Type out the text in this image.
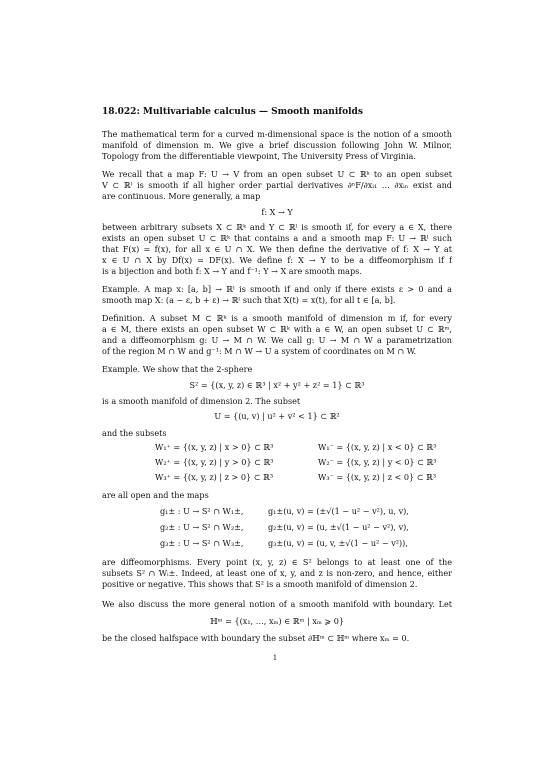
18.022: Multivariable calculus — Smooth manifolds
The mathematical term for a curved m-dimensional space is the notion of a smooth
manifold of dimension m. We give a brief discussion following John W. Milnor,
Topology from the differentiable viewpoint, The University Press of Virginia.
We recall that a map F: U → V from an open subset U ⊂ ℝᵏ to an open subset
V ⊂ ℝˡ is smooth if all higher order partial derivatives ∂ⁿF/∂xᵢ₁ … ∂xᵢₙ exist and
are continuous. More generally, a map
f: X → Y
between arbitrary subsets X ⊂ ℝᵏ and Y ⊂ ℝˡ is smooth if, for every a ∈ X, there
exists an open subset U ⊂ ℝᵏ that contains a and a smooth map F: U → ℝˡ such
that F(x) = f(x), for all x ∈ U ∩ X. We then define the derivative of f: X → Y at
x ∈ U ∩ X by Df(x) = DF(x). We define f: X → Y to be a diffeomorphism if f
is a bijection and both f: X → Y and f⁻¹: Y → X are smooth maps.
Example. A map x: [a, b] → ℝˡ is smooth if and only if there exists ε > 0 and a
smooth map X: (a − ε, b + ε) → ℝˡ such that X(t) = x(t), for all t ∈ [a, b].
Definition. A subset M ⊂ ℝᵏ is a smooth manifold of dimension m if, for every
a ∈ M, there exists an open subset W ⊂ ℝᵏ with a ∈ W, an open subset U ⊂ ℝᵐ,
and a diffeomorphism g: U → M ∩ W. We call g: U → M ∩ W a parametrization
of the region M ∩ W and g⁻¹: M ∩ W → U a system of coordinates on M ∩ W.
Example. We show that the 2-sphere
S² = {(x, y, z) ∈ ℝ³ | x² + y² + z² = 1} ⊂ ℝ³
is a smooth manifold of dimension 2. The subset
U = {(u, v) | u² + v² < 1} ⊂ ℝ²
and the subsets
W₁⁺ = {(x, y, z) | x > 0} ⊂ ℝ³	W₁⁻ = {(x, y, z) | x < 0} ⊂ ℝ³
W₂⁺ = {(x, y, z) | y > 0} ⊂ ℝ³	W₂⁻ = {(x, y, z) | y < 0} ⊂ ℝ³
W₃⁺ = {(x, y, z) | z > 0} ⊂ ℝ³	W₃⁻ = {(x, y, z) | z < 0} ⊂ ℝ³
are all open and the maps
g₁± : U → S² ∩ W₁±,	g₁±(u, v) = (±√(1 − u² − v²), u, v),
g₂± : U → S² ∩ W₂±,	g₂±(u, v) = (u, ±√(1 − u² − v²), v),
g₃± : U → S² ∩ W₃±,	g₃±(u, v) = (u, v, ±√(1 − u² − v²)),
are diffeomorphisms. Every point (x, y, z) ∈ S² belongs to at least one of the
subsets S² ∩ Wᵢ±. Indeed, at least one of x, y, and z is non-zero, and hence, either
positive or negative. This shows that S² is a smooth manifold of dimension 2.
We also discuss the more general notion of a smooth manifold with boundary. Let
ℍᵐ = {(x₁, …, xₘ) ∈ ℝᵐ | xₘ ⩾ 0}
be the closed halfspace with boundary the subset ∂ℍᵐ ⊂ ℍᵐ where xₘ = 0.
1
